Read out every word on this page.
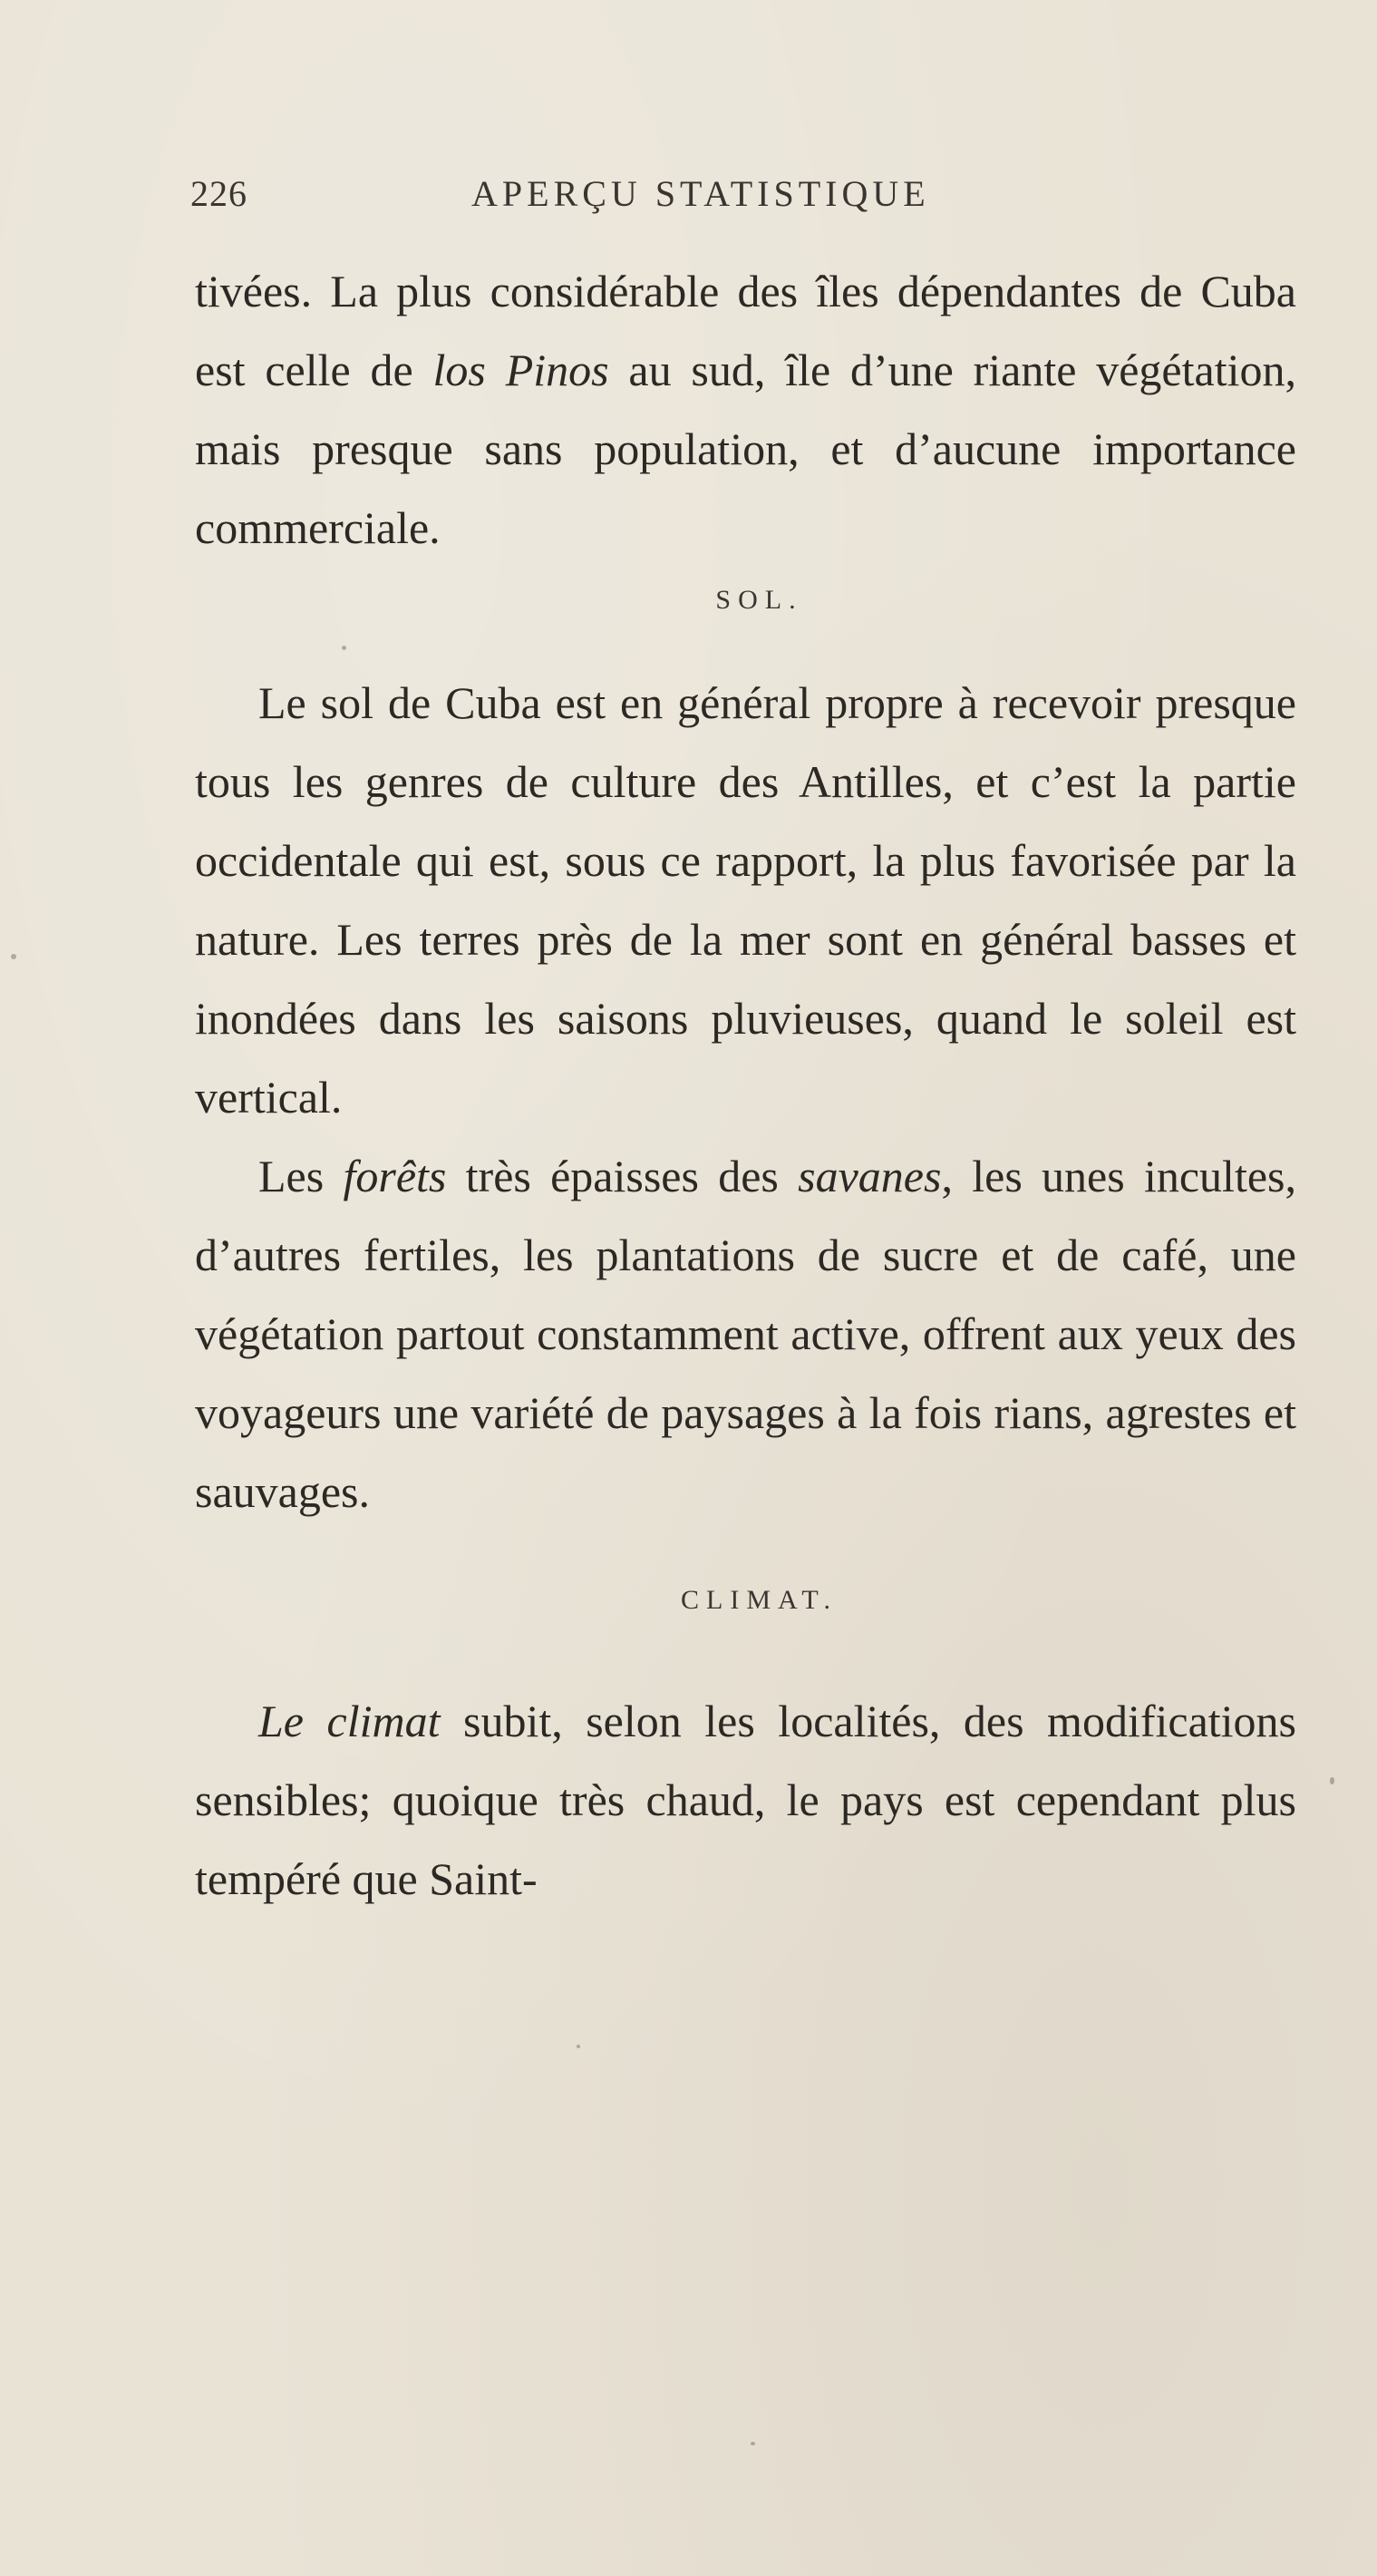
226	APERÇU STATISTIQUE

tivées. La plus considérable des îles dépendantes de Cuba est celle de los Pinos au sud, île d’une riante végétation, mais presque sans population, et d’aucune importance commerciale.

SOL.

Le sol de Cuba est en général propre à recevoir presque tous les genres de culture des Antilles, et c’est la partie occidentale qui est, sous ce rapport, la plus favorisée par la nature. Les terres près de la mer sont en général basses et inondées dans les saisons pluvieuses, quand le soleil est vertical.

Les forêts très épaisses des savanes, les unes incultes, d’autres fertiles, les plantations de sucre et de café, une végétation partout constamment active, offrent aux yeux des voyageurs une variété de paysages à la fois rians, agrestes et sauvages.

CLIMAT.

Le climat subit, selon les localités, des modifications sensibles; quoique très chaud, le pays est cependant plus tempéré que Saint-
